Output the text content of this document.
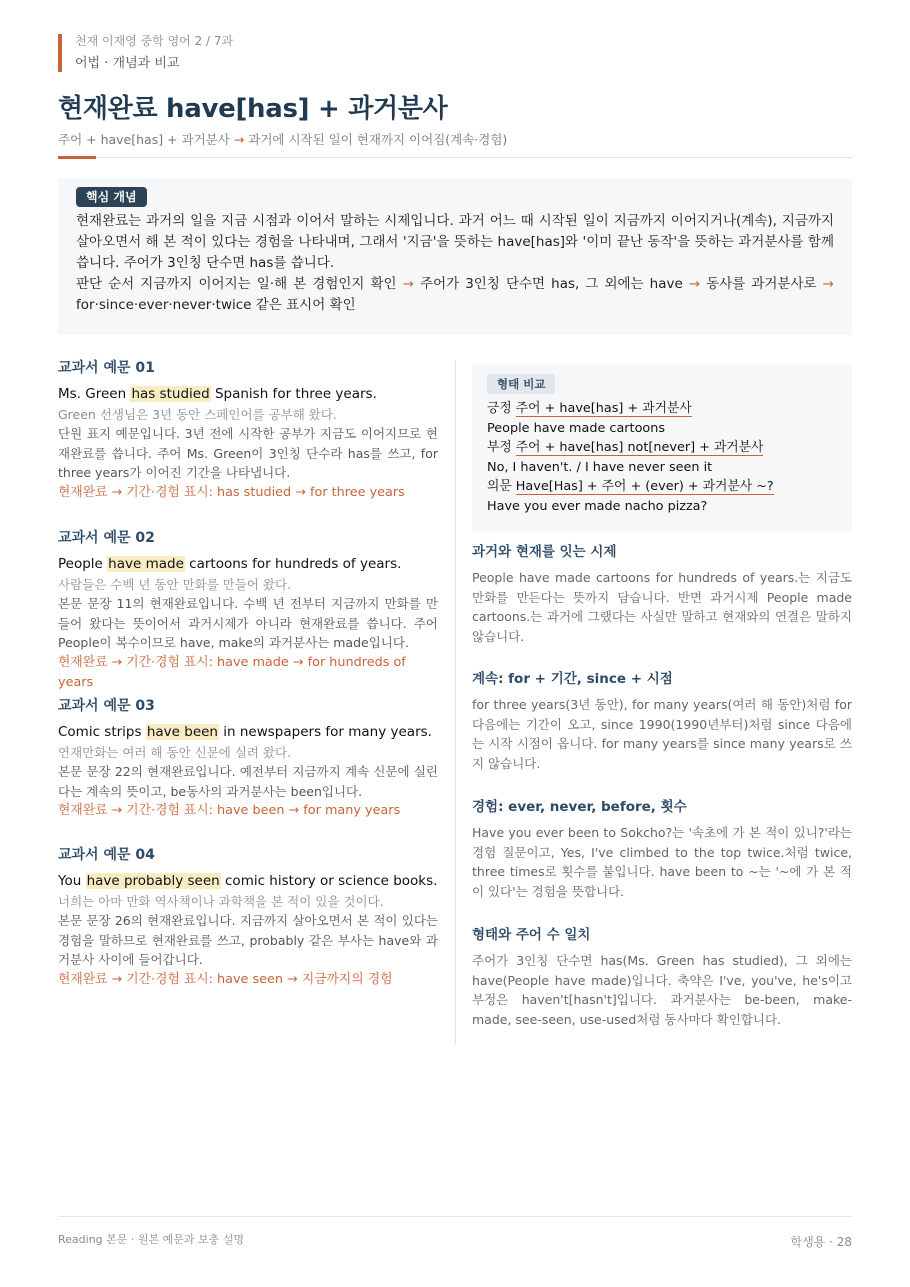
천재 이재영 중학 영어 2 / 7과
어법 · 개념과 비교
현재완료 have[has] + 과거분사
주어 + have[has] + 과거분사 → 과거에 시작된 일이 현재까지 이어짐(계속·경험)
핵심 개념

현재완료는 과거의 일을 지금 시점과 이어서 말하는 시제입니다. 과거 어느 때 시작된 일이 지금까지 이어지거나(계속), 지금까지 살아오면서 해 본 적이 있다는 경험을 나타내며, 그래서 '지금'을 뜻하는 have[has]와 '이미 끝난 동작'을 뜻하는 과거분사를 함께 씁니다. 주어가 3인칭 단수면 has를 씁니다.

판단 순서 지금까지 이어지는 일·해 본 경험인지 확인 → 주어가 3인칭 단수면 has, 그 외에는 have → 동사를 과거분사로 → for·since·ever·never·twice 같은 표시어 확인

교과서 예문 01
Ms. Green has studied Spanish for three years.
Green 선생님은 3년 동안 스페인어를 공부해 왔다.
단원 표지 예문입니다. 3년 전에 시작한 공부가 지금도 이어지므로 현재완료를 씁니다. 주어 Ms. Green이 3인칭 단수라 has를 쓰고, for three years가 이어진 기간을 나타냅니다.
현재완료 → 기간·경험 표시: has studied → for three years
교과서 예문 02
People have made cartoons for hundreds of years.
사람들은 수백 년 동안 만화를 만들어 왔다.
본문 문장 11의 현재완료입니다. 수백 년 전부터 지금까지 만화를 만들어 왔다는 뜻이어서 과거시제가 아니라 현재완료를 씁니다. 주어 People이 복수이므로 have, make의 과거분사는 made입니다.
현재완료 → 기간·경험 표시: have made → for hundreds of years
교과서 예문 03
Comic strips have been in newspapers for many years.
연재만화는 여러 해 동안 신문에 실려 왔다.
본문 문장 22의 현재완료입니다. 예전부터 지금까지 계속 신문에 실린다는 계속의 뜻이고, be동사의 과거분사는 been입니다.
현재완료 → 기간·경험 표시: have been → for many years
교과서 예문 04
You have probably seen comic history or science books.
너희는 아마 만화 역사책이나 과학책을 본 적이 있을 것이다.
본문 문장 26의 현재완료입니다. 지금까지 살아오면서 본 적이 있다는 경험을 말하므로 현재완료를 쓰고, probably 같은 부사는 have와 과거분사 사이에 들어갑니다.
현재완료 → 기간·경험 표시: have seen → 지금까지의 경험
형태 비교
긍정 주어 + have[has] + 과거분사
People have made cartoons
부정 주어 + have[has] not[never] + 과거분사
No, I haven't. / I have never seen it
의문 Have[Has] + 주어 + (ever) + 과거분사 ~?
Have you ever made nacho pizza?
과거와 현재를 잇는 시제

People have made cartoons for hundreds of years.는 지금도 만화를 만든다는 뜻까지 담습니다. 반면 과거시제 People made cartoons.는 과거에 그랬다는 사실만 말하고 현재와의 연결은 말하지 않습니다.

계속: for + 기간, since + 시점

for three years(3년 동안), for many years(여러 해 동안)처럼 for 다음에는 기간이 오고, since 1990(1990년부터)처럼 since 다음에는 시작 시점이 옵니다. for many years를 since many years로 쓰지 않습니다.

경험: ever, never, before, 횟수

Have you ever been to Sokcho?는 '속초에 가 본 적이 있니?'라는 경험 질문이고, Yes, I've climbed to the top twice.처럼 twice, three times로 횟수를 붙입니다. have been to ~는 '~에 가 본 적이 있다'는 경험을 뜻합니다.

형태와 주어 수 일치

주어가 3인칭 단수면 has(Ms. Green has studied), 그 외에는 have(People have made)입니다. 축약은 I've, you've, he's이고 부정은 haven't[hasn't]입니다. 과거분사는 be-been, make-made, see-seen, use-used처럼 동사마다 확인합니다.

Reading 본문 · 원본 예문과 보충 설명	학생용 · 28
